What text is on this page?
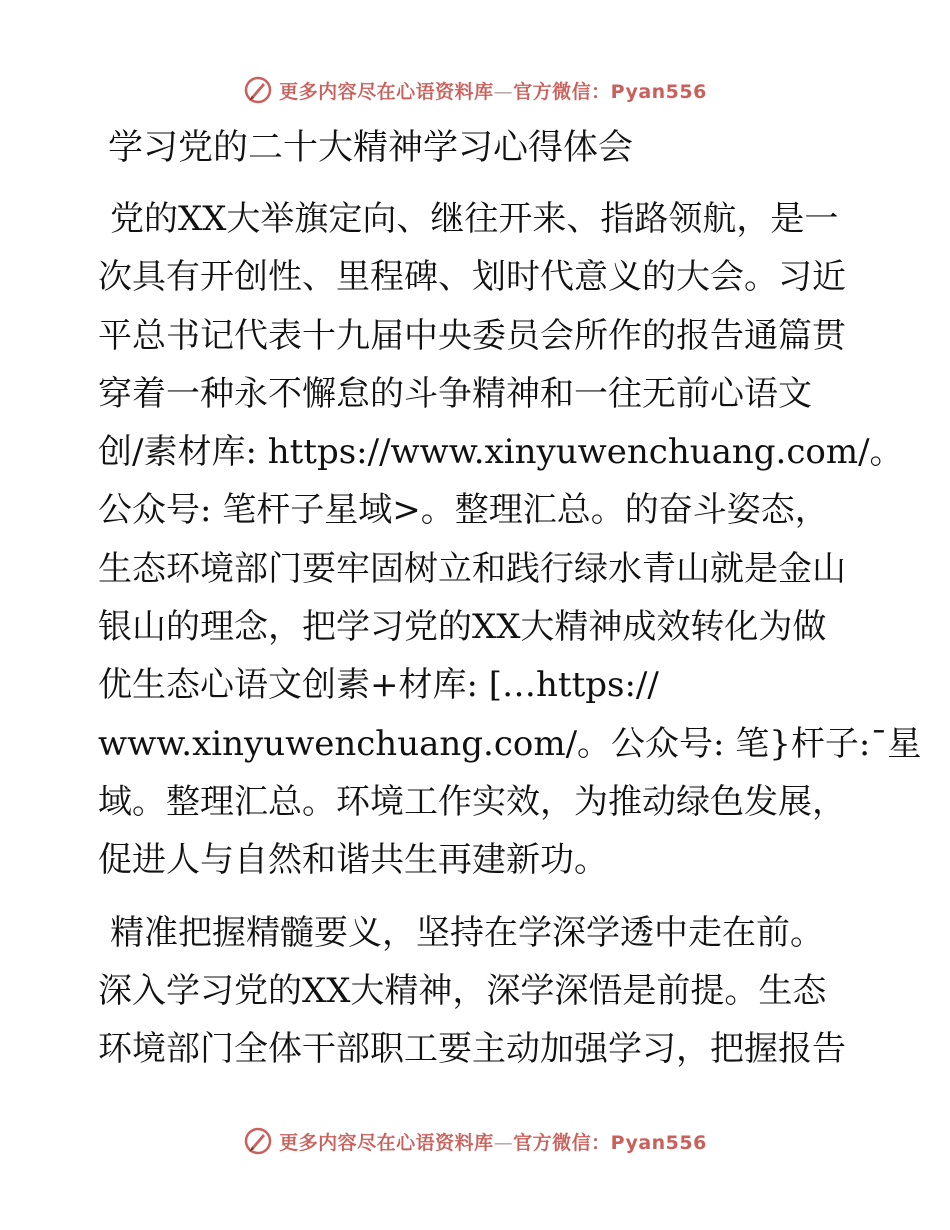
更多内容尽在心语资料库—官方微信：Pyan556
学习党的二十大精神学习心得体会
党的XX大举旗定向、继往开来、指路领航，是一
次具有开创性、里程碑、划时代意义的大会。习近
平总书记代表十九届中央委员会所作的报告通篇贯
穿着一种永不懈怠的斗争精神和一往无前心语文
创/素材库: https://www.xinyuwenchuang.com/。
公众号: 笔杆子星域>。整理汇总。的奋斗姿态，
生态环境部门要牢固树立和践行绿水青山就是金山
银山的理念，把学习党的XX大精神成效转化为做
优生态心语文创素+材库: […https://
www.xinyuwenchuang.com/。公众号: 笔}杆子:¯星
域。整理汇总。环境工作实效，为推动绿色发展，
促进人与自然和谐共生再建新功。
精准把握精髓要义，坚持在学深学透中走在前。
深入学习党的XX大精神，深学深悟是前提。生态
环境部门全体干部职工要主动加强学习，把握报告
更多内容尽在心语资料库—官方微信：Pyan556
